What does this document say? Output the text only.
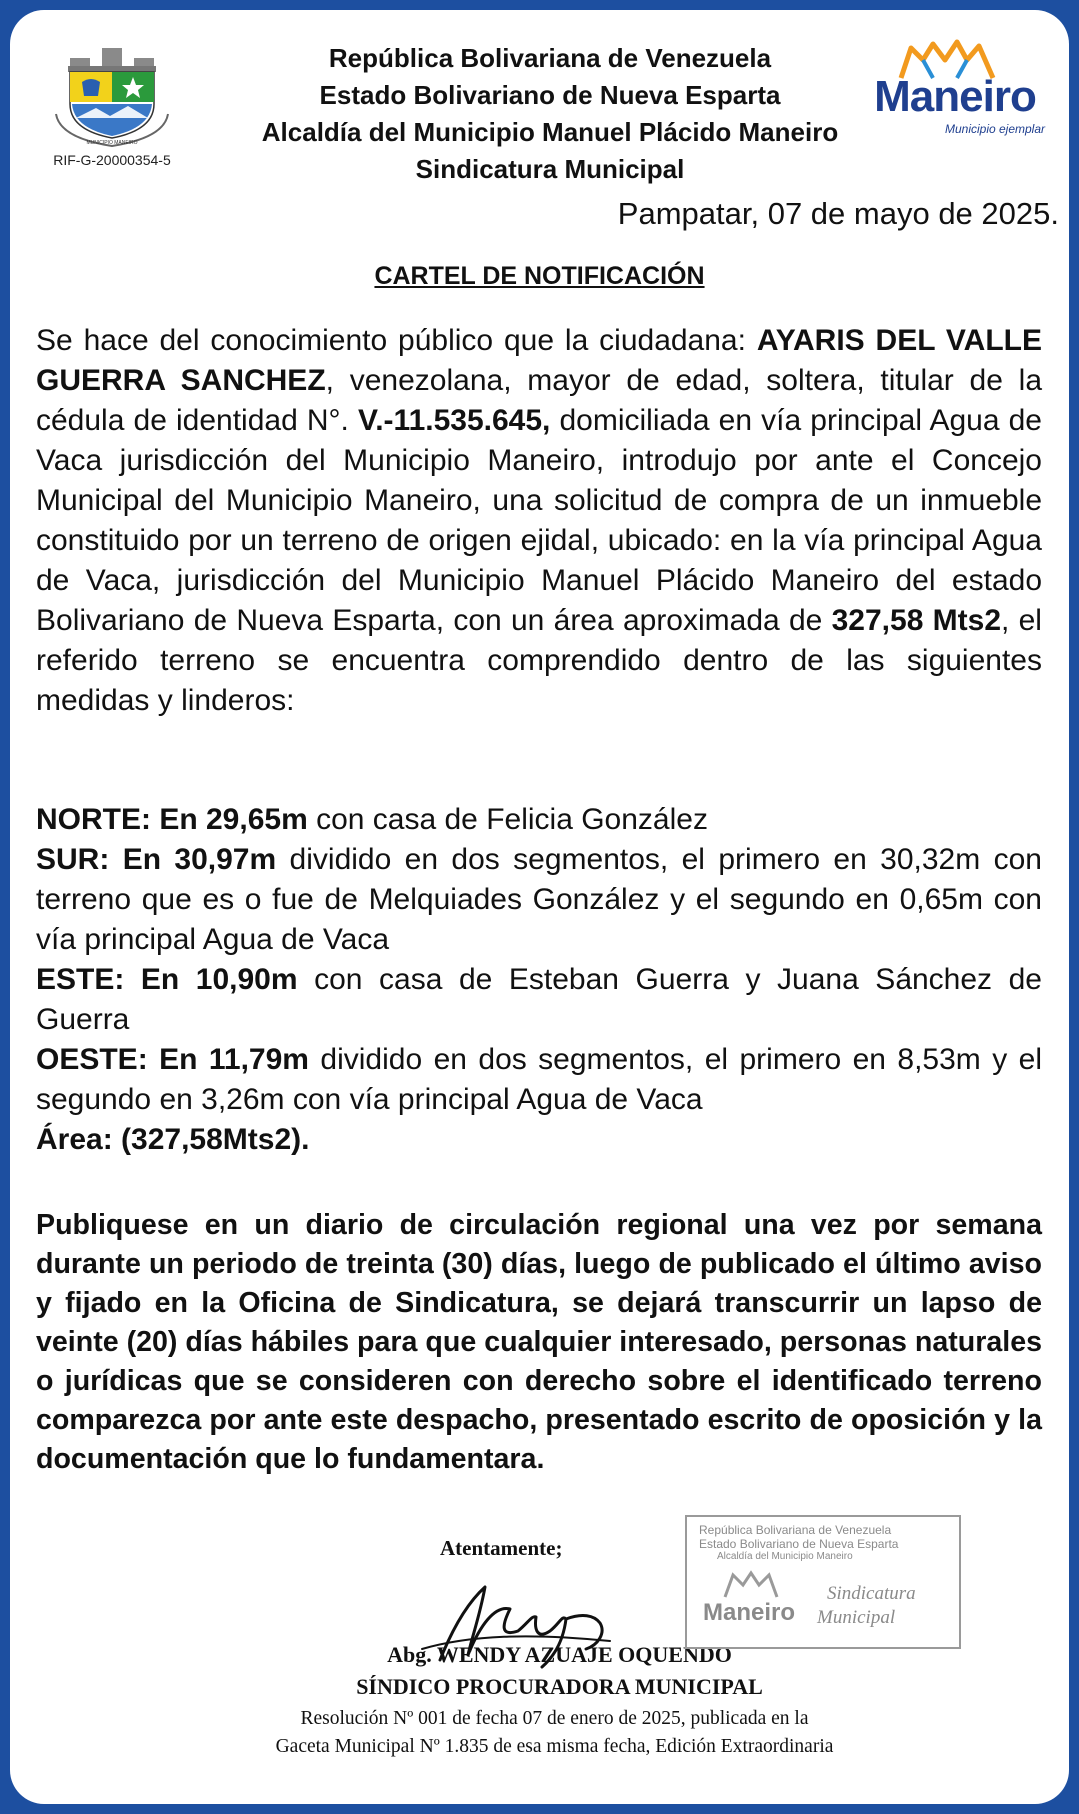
MUNICIPIO MANEIRO
RIF-G-20000354-5
República Bolivariana de Venezuela
Estado Bolivariano de Nueva Esparta
Alcaldía del Municipio Manuel Plácido Maneiro
Sindicatura Municipal
Maneiro
Municipio ejemplar
Pampatar, 07 de mayo de 2025.
CARTEL DE NOTIFICACIÓN
Se hace del conocimiento público que la ciudadana: AYARIS DEL VALLE GUERRA SANCHEZ, venezolana, mayor de edad, soltera, titular de la cédula de identidad N°. V.-11.535.645, domiciliada en vía principal Agua de Vaca jurisdicción del Municipio Maneiro, introdujo por ante el Concejo Municipal del Municipio Maneiro, una solicitud de compra de un inmueble constituido por un terreno de origen ejidal, ubicado: en la vía principal Agua de Vaca, jurisdicción del Municipio Manuel Plácido Maneiro del estado Bolivariano de Nueva Esparta, con un área aproximada de 327,58 Mts2, el referido terreno se encuentra comprendido dentro de las siguientes medidas y linderos:
NORTE: En 29,65m con casa de Felicia González
SUR: En 30,97m dividido en dos segmentos, el primero en 30,32m con terreno que es o fue de Melquiades González y el segundo en 0,65m con vía principal Agua de Vaca
ESTE: En 10,90m con casa de Esteban Guerra y Juana Sánchez de Guerra
OESTE: En 11,79m dividido en dos segmentos, el primero en 8,53m y el segundo en 3,26m con vía principal Agua de Vaca
Área: (327,58Mts2).
Publiquese en un diario de circulación regional una vez por semana durante un periodo de treinta (30) días, luego de publicado el último aviso y fijado en la Oficina de Sindicatura, se dejará transcurrir un lapso de veinte (20) días hábiles para que cualquier interesado, personas naturales o jurídicas que se consideren con derecho sobre el identificado terreno comparezca por ante este despacho, presentado escrito de oposición y la documentación que lo fundamentara.
Atentamente;
Abg. WENDY AZUAJE OQUENDO
SÍNDICO PROCURADORA MUNICIPAL
Resolución Nº 001 de fecha 07 de enero de 2025, publicada en la
Gaceta Municipal Nº 1.835 de esa misma fecha, Edición Extraordinaria
República Bolivariana de Venezuela
Estado Bolivariano de Nueva Esparta
Alcaldía del Municipio Maneiro
Maneiro
Sindicatura
Municipal
